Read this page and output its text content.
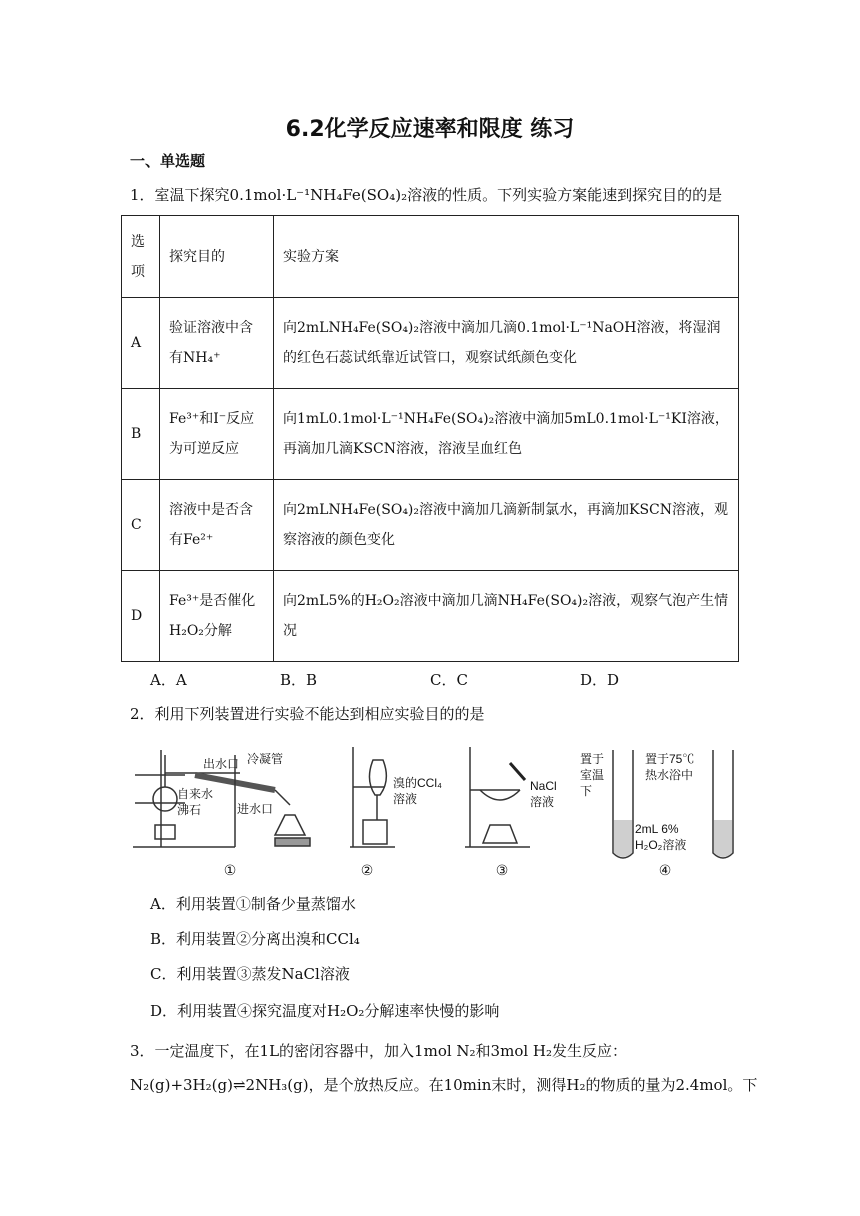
6.2化学反应速率和限度 练习
一、单选题
1．室温下探究0.1mol·L⁻¹NH₄Fe(SO₄)₂溶液的性质。下列实验方案能速到探究目的的是
选项	探究目的	实验方案
A	验证溶液中含有NH₄⁺	向2mLNH₄Fe(SO₄)₂溶液中滴加几滴0.1mol·L⁻¹NaOH溶液，将湿润的红色石蕊试纸靠近试管口，观察试纸颜色变化
B	Fe³⁺和I⁻反应为可逆反应	向1mL0.1mol·L⁻¹NH₄Fe(SO₄)₂溶液中滴加5mL0.1mol·L⁻¹KI溶液，再滴加几滴KSCN溶液，溶液呈血红色
C	溶液中是否含有Fe²⁺	向2mLNH₄Fe(SO₄)₂溶液中滴加几滴新制氯水，再滴加KSCN溶液，观察溶液的颜色变化
D	Fe³⁺是否催化H₂O₂分解	向2mL5%的H₂O₂溶液中滴加几滴NH₄Fe(SO₄)₂溶液，观察气泡产生情况
A．A	B．B	C．C	D．D
2．利用下列装置进行实验不能达到相应实验目的的是
出水口 冷凝管
自来水
沸石	进水口
溴的CCl₄
溶液
NaCl
溶液
置于
室温
下
置于75℃
热水浴中
2mL 6%
H₂O₂溶液
①	②	③	④
A．利用装置①制备少量蒸馏水
B．利用装置②分离出溴和CCl₄
C．利用装置③蒸发NaCl溶液
D．利用装置④探究温度对H₂O₂分解速率快慢的影响
3．一定温度下，在1L的密闭容器中，加入1mol N₂和3mol H₂发生反应：
N₂(g)+3H₂(g)⇌2NH₃(g)，是个放热反应。在10min末时，测得H₂的物质的量为2.4mol。下
